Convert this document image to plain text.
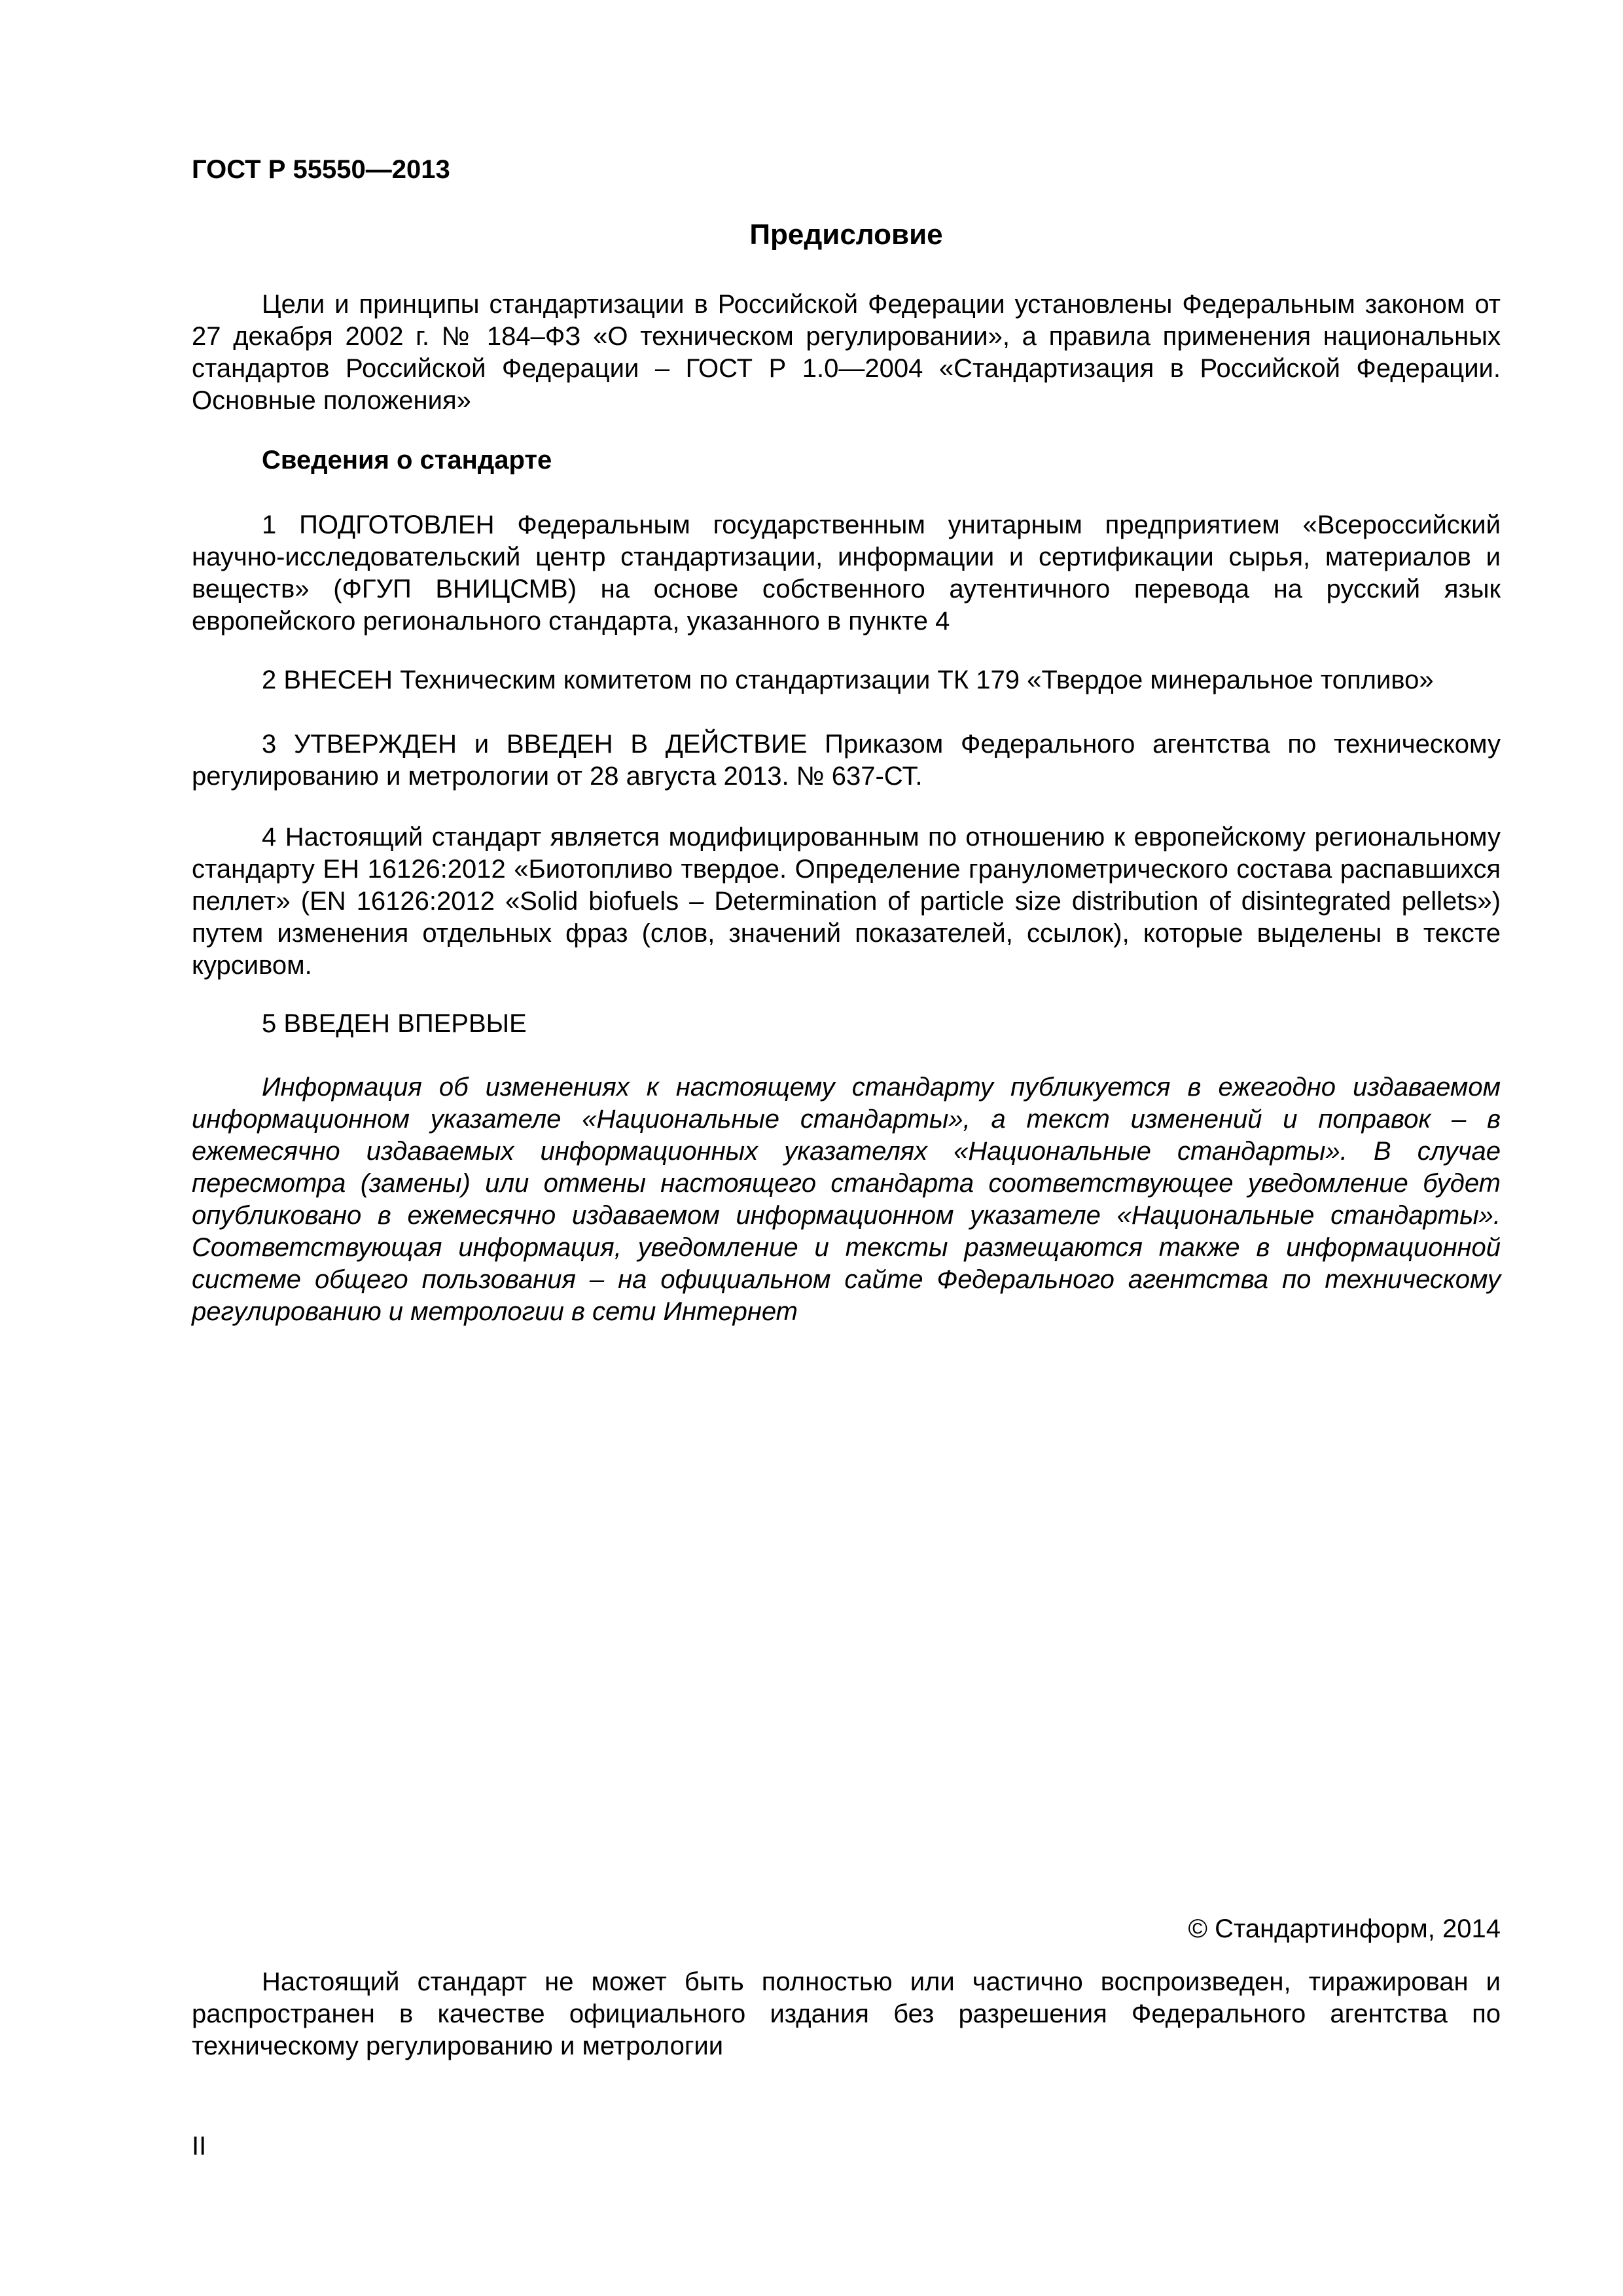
ГОСТ Р 55550—2013
Предисловие

Цели и принципы стандартизации в Российской Федерации установлены Федеральным законом от 27 декабря 2002 г. № 184–ФЗ «О техническом регулировании», а правила применения национальных стандартов Российской Федерации – ГОСТ Р 1.0—2004 «Стандартизация в Российской Федерации. Основные положения»

Сведения о стандарте

1 ПОДГОТОВЛЕН Федеральным государственным унитарным предприятием «Всероссийский научно-исследовательский центр стандартизации, информации и сертификации сырья, материалов и веществ» (ФГУП ВНИЦСМВ) на основе собственного аутентичного перевода на русский язык европейского регионального стандарта, указанного в пункте 4

2 ВНЕСЕН Техническим комитетом по стандартизации ТК 179 «Твердое минеральное топливо»

3 УТВЕРЖДЕН и ВВЕДЕН В ДЕЙСТВИЕ Приказом Федерального агентства по техническому регулированию и метрологии от 28 августа 2013. № 637-СТ.

4 Настоящий стандарт является модифицированным по отношению к европейскому региональному стандарту ЕН 16126:2012 «Биотопливо твердое. Определение гранулометрического состава распавшихся пеллет» (EN 16126:2012 «Solid biofuels – Determination of particle size distribution of disintegrated pellets») путем изменения отдельных фраз (слов, значений показателей, ссылок), которые выделены в тексте курсивом.

5 ВВЕДЕН ВПЕРВЫЕ

Информация об изменениях к настоящему стандарту публикуется в ежегодно издаваемом информационном указателе «Национальные стандарты», а текст изменений и поправок – в ежемесячно издаваемых информационных указателях «Национальные стандарты». В случае пересмотра (замены) или отмены настоящего стандарта соответствующее уведомление будет опубликовано в ежемесячно издаваемом информационном указателе «Национальные стандарты». Соответствующая информация, уведомление и тексты размещаются также в информационной системе общего пользования – на официальном сайте Федерального агентства по техническому регулированию и метрологии в сети Интернет

© Стандартинформ, 2014

Настоящий стандарт не может быть полностью или частично воспроизведен, тиражирован и распространен в качестве официального издания без разрешения Федерального агентства по техническому регулированию и метрологии

II
